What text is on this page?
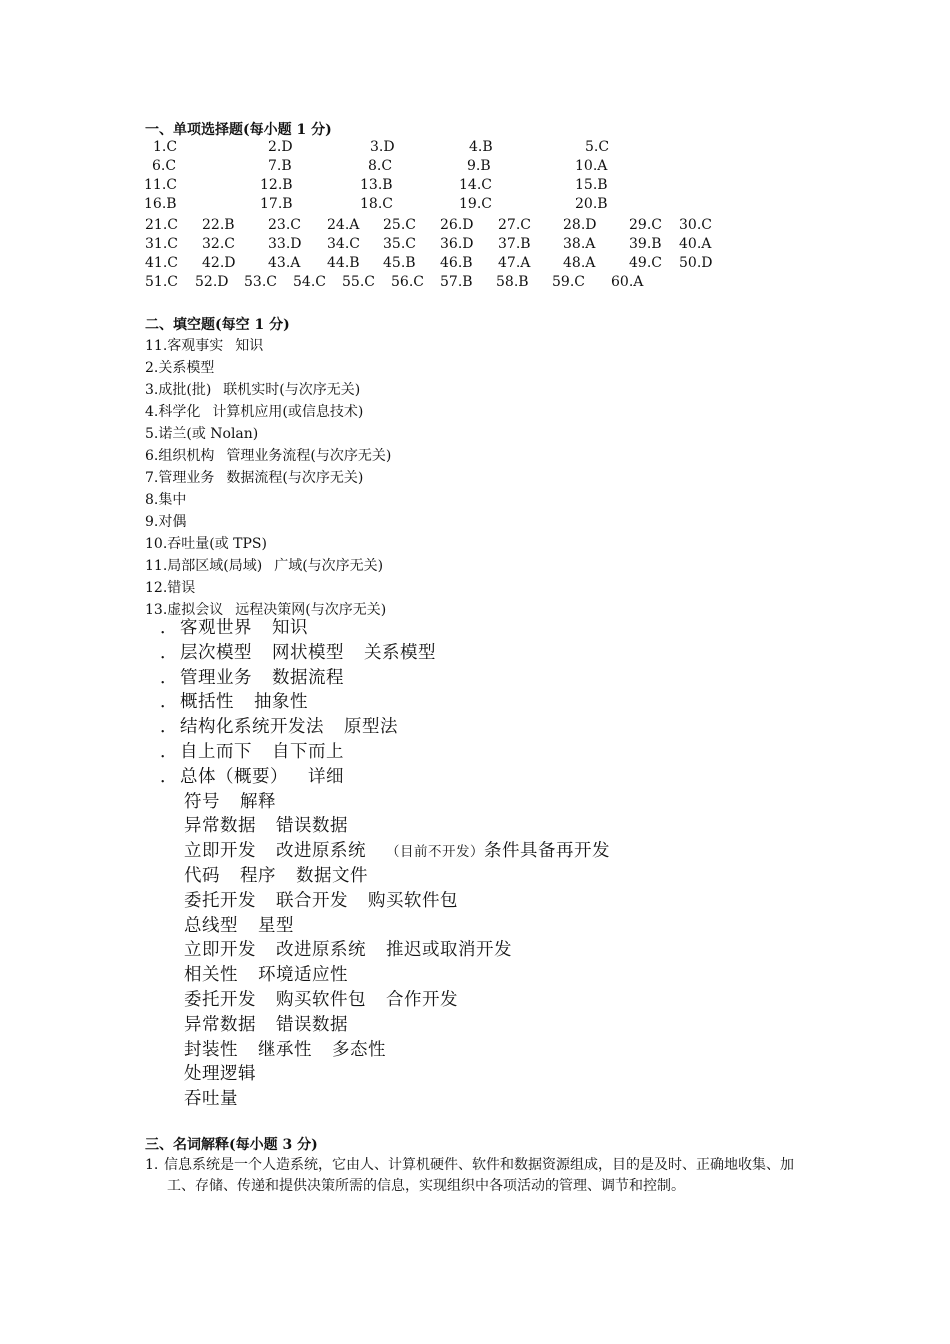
一、单项选择题(每小题 1 分)
1.C	2.D	3.D	4.B	5.C
6.C	7.B	8.C	9.B	10.A
11.C	12.B	13.B	14.C	15.B
16.B	17.B	18.C	19.C	20.B
21.C 22.B 23.C 24.A 25.C 26.D 27.C 28.D 29.C 30.C
31.C 32.C 33.D 34.C 35.C 36.D 37.B 38.A 39.B 40.A
41.C 42.D 43.A 44.B 45.B 46.B 47.A 48.A 49.C 50.D
51.C 52.D 53.C 54.C 55.C 56.C 57.B 58.B 59.C 60.A
二、填空题(每空 1 分)
11.客观事实 知识
2.关系模型
3.成批(批) 联机实时(与次序无关)
4.科学化 计算机应用(或信息技术)
5.诺兰(或 Nolan)
6.组织机构 管理业务流程(与次序无关)
7.管理业务 数据流程(与次序无关)
8.集中
9.对偶
10.吞吐量(或 TPS)
11.局部区域(局域) 广域(与次序无关)
12.错误
13.虚拟会议 远程决策网(与次序无关)
． 客观世界 知识
． 层次模型 网状模型 关系模型
． 管理业务 数据流程
． 概括性 抽象性
． 结构化系统开发法 原型法
． 自上而下 自下而上
． 总体（概要） 详细
符号 解释
异常数据 错误数据
立即开发 改进原系统 （目前不开发）条件具备再开发
代码 程序 数据文件
委托开发 联合开发 购买软件包
总线型 星型
立即开发 改进原系统 推迟或取消开发
相关性 环境适应性
委托开发 购买软件包 合作开发
异常数据 错误数据
封装性 继承性 多态性
处理逻辑
吞吐量
三、名词解释(每小题 3 分)
1. 信息系统是一个人造系统，它由人、计算机硬件、软件和数据资源组成，目的是及时、正确地收集、加工、存储、传递和提供决策所需的信息，实现组织中各项活动的管理、调节和控制。
